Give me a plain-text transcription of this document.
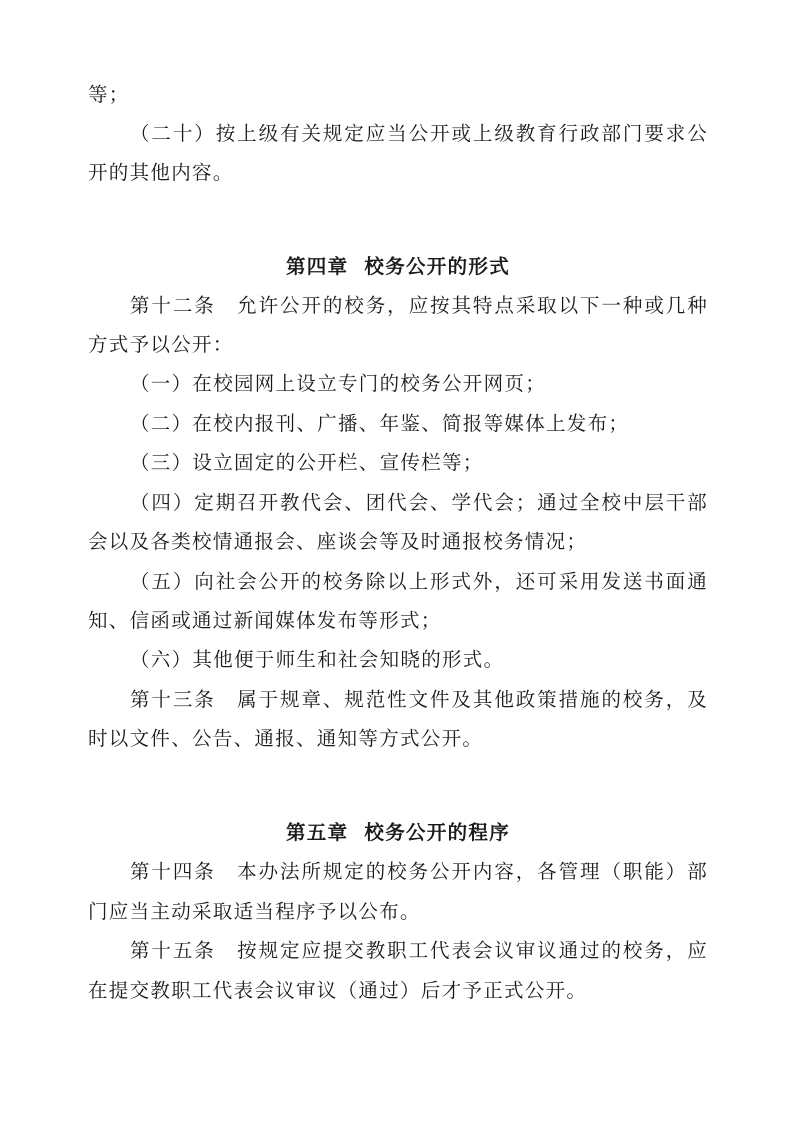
等；
（二十）按上级有关规定应当公开或上级教育行政部门要求公
开的其他内容。
第四章 校务公开的形式
第十二条　允许公开的校务，应按其特点采取以下一种或几种
方式予以公开：
（一）在校园网上设立专门的校务公开网页；
（二）在校内报刊、广播、年鉴、简报等媒体上发布；
（三）设立固定的公开栏、宣传栏等；
（四）定期召开教代会、团代会、学代会；通过全校中层干部
会以及各类校情通报会、座谈会等及时通报校务情况；
（五）向社会公开的校务除以上形式外，还可采用发送书面通
知、信函或通过新闻媒体发布等形式；
（六）其他便于师生和社会知晓的形式。
第十三条　属于规章、规范性文件及其他政策措施的校务，及
时以文件、公告、通报、通知等方式公开。
第五章 校务公开的程序
第十四条　本办法所规定的校务公开内容，各管理（职能）部
门应当主动采取适当程序予以公布。
第十五条　按规定应提交教职工代表会议审议通过的校务，应
在提交教职工代表会议审议（通过）后才予正式公开。
